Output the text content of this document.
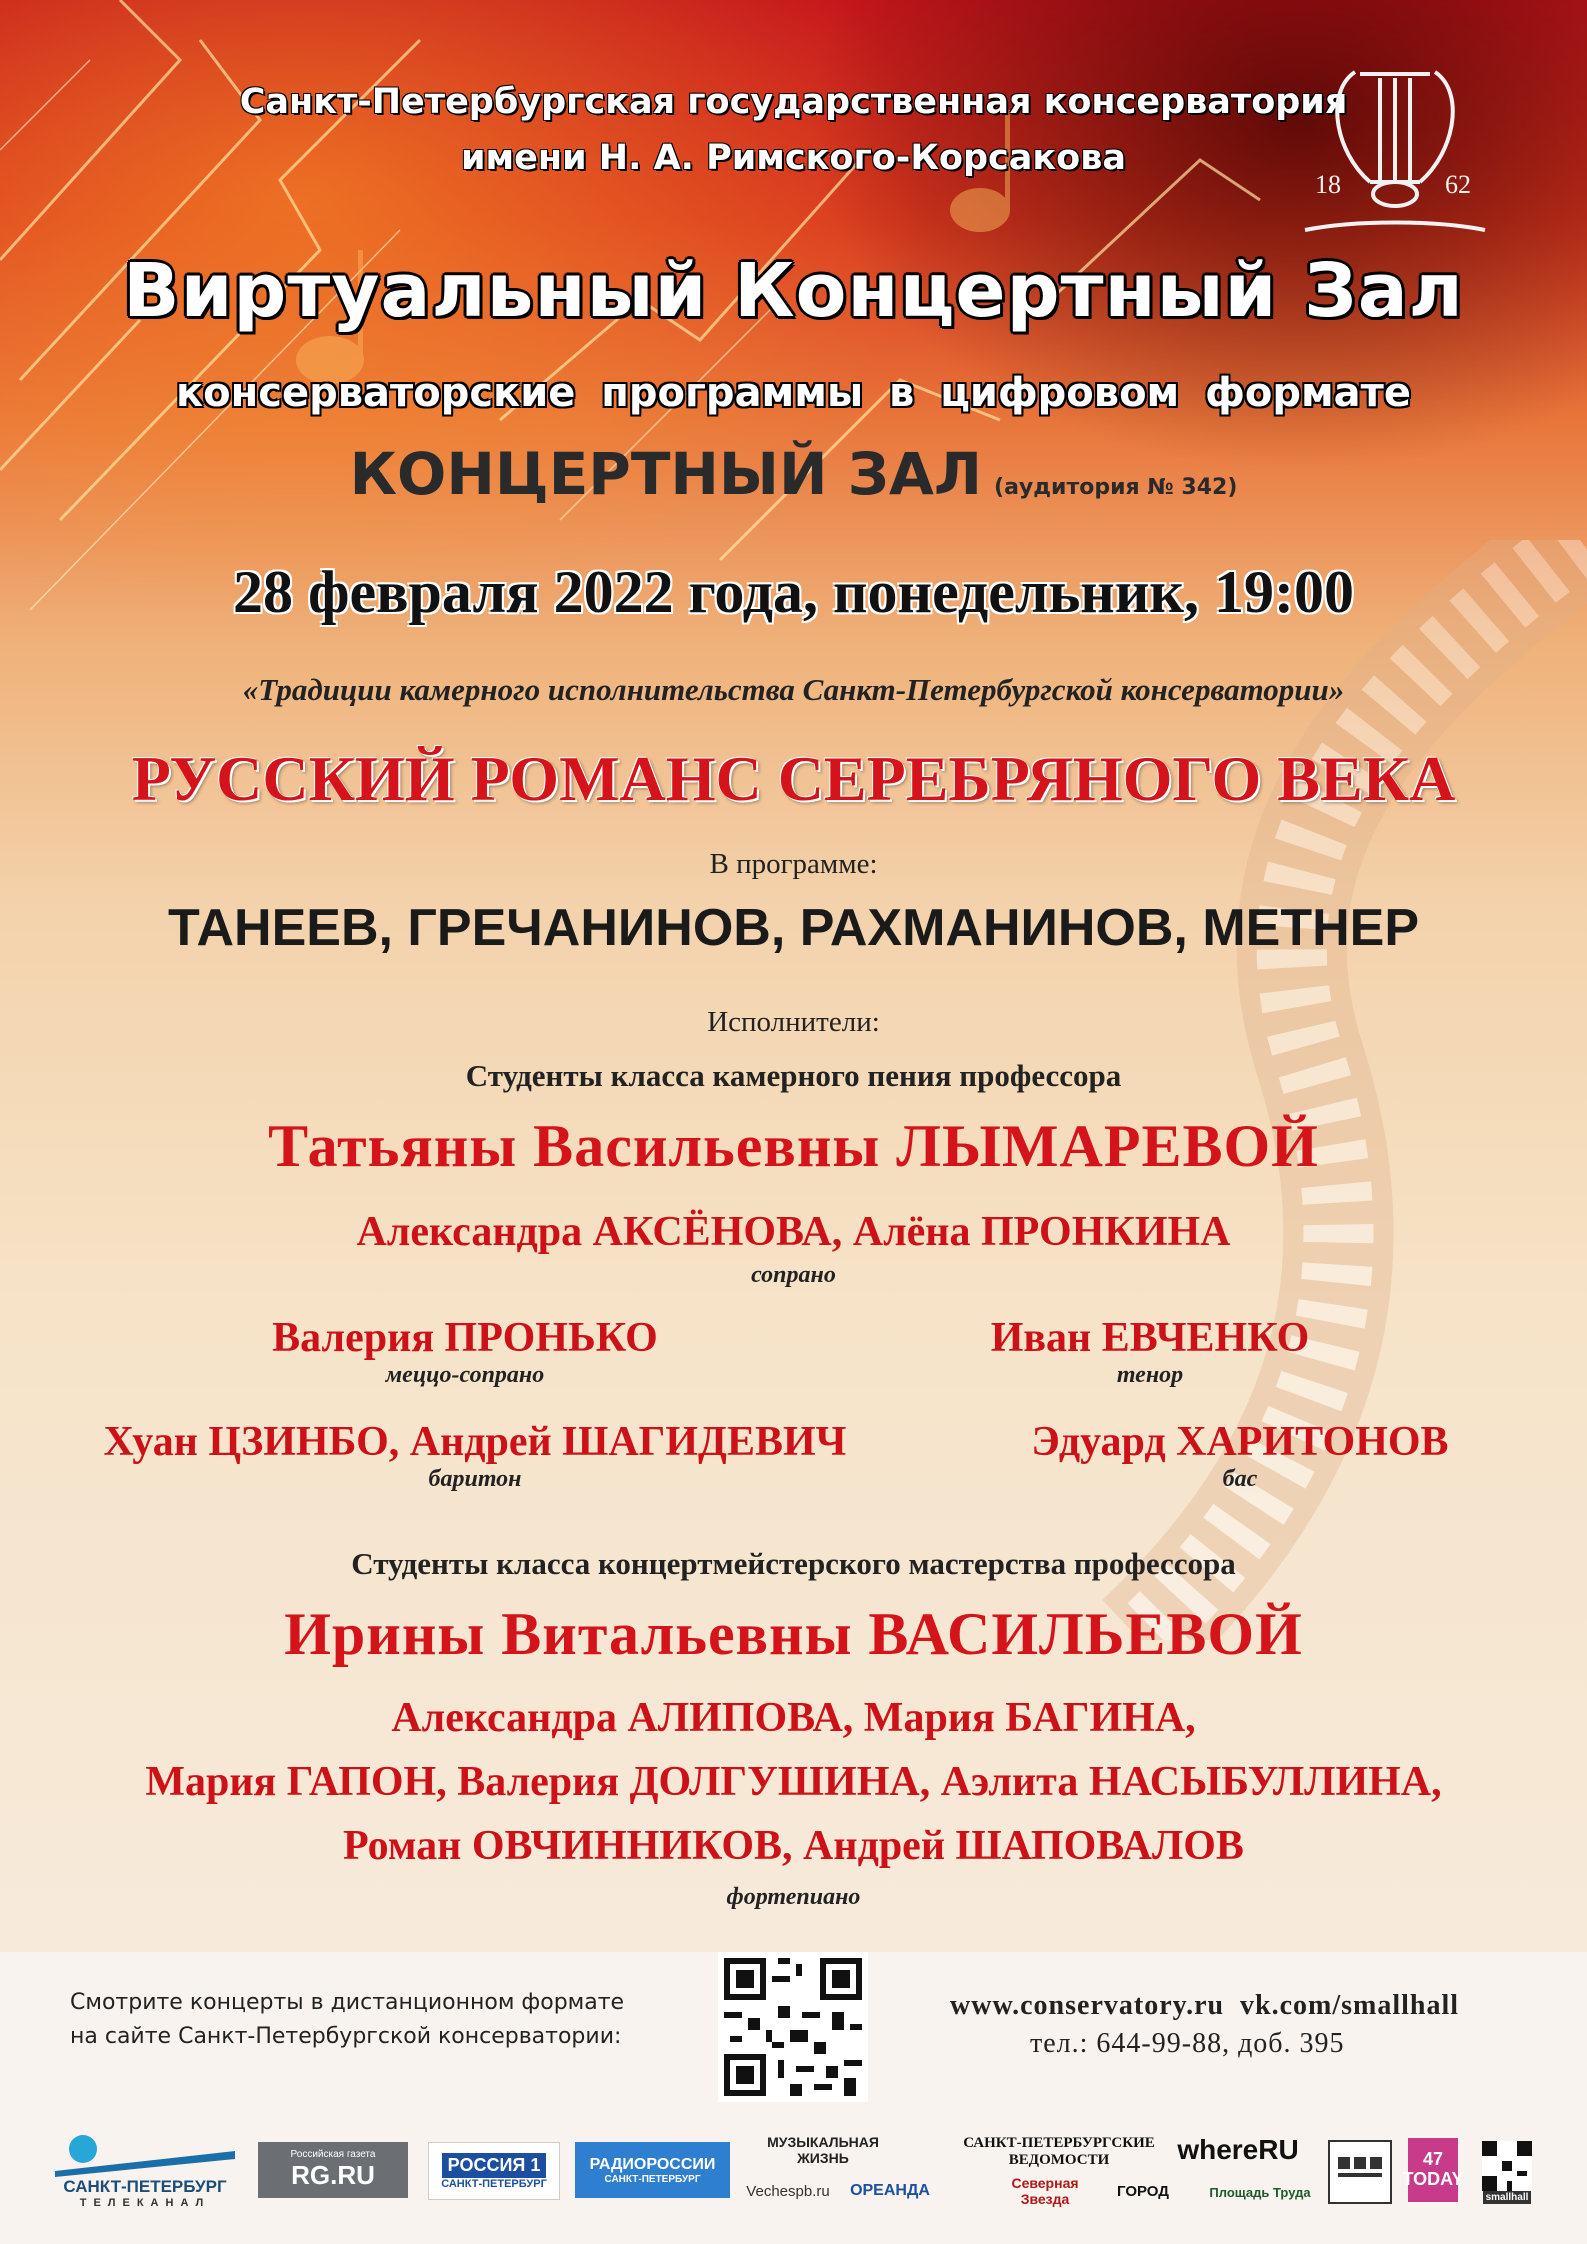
Санкт-Петербургская государственная консерватория
имени Н. А. Римского-Корсакова
18	62
Виртуальный Концертный Зал
консерваторские программы в цифровом формате
КОНЦЕРТНЫЙ ЗАЛ (аудитория № 342)
28 февраля 2022 года, понедельник, 19:00
«Традиции камерного исполнительства Санкт-Петербургской консерватории»
РУССКИЙ РОМАНС СЕРЕБРЯНОГО ВЕКА
В программе:
ТАНЕЕВ, ГРЕЧАНИНОВ, РАХМАНИНОВ, МЕТНЕР
Исполнители:
Студенты класса камерного пения профессора
Татьяны Васильевны ЛЫМАРЕВОЙ
Александра АКСЁНОВА, Алёна ПРОНКИНА
сопрано
Валерия ПРОНЬКО
меццо-сопрано
Иван ЕВЧЕНКО
тенор
Хуан ЦЗИНБО, Андрей ШАГИДЕВИЧ
баритон
Эдуард ХАРИТОНОВ
бас
Студенты класса концертмейстерского мастерства профессора
Ирины Витальевны ВАСИЛЬЕВОЙ
Александра АЛИПОВА, Мария БАГИНА,
Мария ГАПОН, Валерия ДОЛГУШИНА, Аэлита НАСЫБУЛЛИНА,
Роман ОВЧИННИКОВ, Андрей ШАПОВАЛОВ
фортепиано
Смотрите концерты в дистанционном формате
на сайте Санкт-Петербургской консерватории:
www.conservatory.ru vk.com/smallhall
тел.: 644-99-88, доб. 395
САНКТ-ПЕТЕРБУРГ
ТЕЛЕКАНАЛ
Российская газета
RG.RU	РОССИЯ 1
САНКТ-ПЕТЕРБУРГ
РАДИОРОССИИ
САНКТ-ПЕТЕРБУРГ
МУЗЫКАЛЬНАЯ ЖИЗНЬ
Vechespb.ru	ОРЕАНДА
САНКТ-ПЕТЕРБУРГСКИЕ ВЕДОМОСТИ
Северная Звезда	ГОРОД
whereRU
Площадь Труда
47 TODAY
smallhall
